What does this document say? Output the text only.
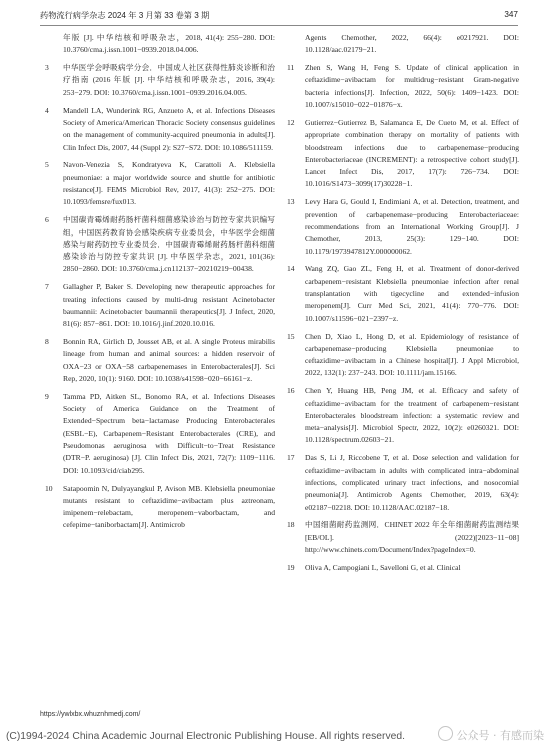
药物流行病学杂志 2024 年 3 月第 33 卷第 3 期	347
年版 [J]. 中华结核和呼吸杂志，2018, 41(4): 255−280. DOI: 10.3760/cma.j.issn.1001−0939.2018.04.006.
3	中华医学会呼吸病学分会．中国成人社区获得性肺炎诊断和治疗指南 (2016 年版 [J]. 中华结核和呼吸杂志，2016, 39(4): 253−279. DOI: 10.3760/cma.j.issn.1001−0939.2016.04.005.
4	Mandell LA, Wunderink RG, Anzueto A, et al. Infections Diseases Society of America/American Thoracic Society consensus guidelines on the management of community-acquired pneumonia in adults[J]. Clin Infect Dis, 2007, 44 (Suppl 2): S27−S72. DOI: 10.1086/511159.
5	Navon-Venezia S, Kondratyeva K, Carattoli A. Klebsiella pneumoniae: a major worldwide source and shuttle for antibiotic resistance[J]. FEMS Microbiol Rev, 2017, 41(3): 252−275. DOI: 10.1093/femsre/fux013.
6	中国碳青霉烯耐药肠杆菌科细菌感染诊治与防控专家共识编写组，中国医药教育协会感染疾病专业委员会，中华医学会细菌感染与耐药防控专业委员会．中国碳青霉烯耐药肠杆菌科细菌感染诊治与防控专家共识 [J]. 中华医学杂志，2021, 101(36): 2850−2860. DOI: 10.3760/cma.j.cn112137−20210219−00438.
7	Gallagher P, Baker S. Developing new therapeutic approaches for treating infections caused by multi-drug resistant Acinetobacter baumannii: Acinetobacter baumannii therapeutics[J]. J Infect, 2020, 81(6): 857−861. DOI: 10.1016/j.jinf.2020.10.016.
8	Bonnin RA, Girlich D, Jousset AB, et al. A single Proteus mirabilis lineage from human and animal sources: a hidden reservoir of OXA−23 or OXA−58 carbapenemases in Enterobacterales[J]. Sci Rep, 2020, 10(1): 9160. DOI: 10.1038/s41598−020−66161−z.
9	Tamma PD, Aitken SL, Bonomo RA, et al. Infections Diseases Society of America Guidance on the Treatment of Extended−Spectrum beta−lactamase Producing Enterobacterales (ESBL−E), Carbapenem−Resistant Enterobacterales (CRE), and Pseudomonas aeruginosa with Difficult−to−Treat Resistance (DTR−P. aeruginosa) [J]. Clin Infect Dis, 2021, 72(7): 1109−1116. DOI: 10.1093/cid/ciab295.
10	Satapoomin N, Dulyayangkul P, Avison MB. Klebsiella pneumoniae mutants resistant to ceftazidime−avibactam plus aztreonam, imipenem−relebactam, meropenem−vaborbactam, and cefepime−taniborbactam[J]. Antimicrob
Agents Chemother, 2022, 66(4): e0217921. DOI: 10.1128/aac.02179−21.
11	Zhen S, Wang H, Feng S. Update of clinical application in ceftazidime−avibactam for multidrug−resistant Gram-negative bacteria infections[J]. Infection, 2022, 50(6): 1409−1423. DOI: 10.1007/s15010−022−01876−x.
12	Gutierrez−Gutierrez B, Salamanca E, De Cueto M, et al. Effect of appropriate combination therapy on mortality of patients with bloodstream infections due to carbapenemase−producing Enterobacteriaceae (INCREMENT): a retrospective cohort study[J]. Lancet Infect Dis, 2017, 17(7): 726−734. DOI: 10.1016/S1473−3099(17)30228−1.
13	Levy Hara G, Gould I, Endimiani A, et al. Detection, treatment, and prevention of carbapenemase−producing Enterobacteriaceae: recommendations from an International Working Group[J]. J Chemother, 2013, 25(3): 129−140. DOI: 10.1179/1973947812Y.000000062.
14	Wang ZQ, Gao ZL, Feng H, et al. Treatment of donor-derived carbapenem−resistant Klebsiella pneumoniae infection after renal transplantation with tigecycline and extended−infusion meropenem[J]. Curr Med Sci, 2021, 41(4): 770−776. DOI: 10.1007/s11596−021−2397−z.
15	Chen D, Xiao L, Hong D, et al. Epidemiology of resistance of carbapenemase−producing Klebsiella pneumoniae to ceftazidime−avibactam in a Chinese hospital[J]. J Appl Microbiol, 2022, 132(1): 237−243. DOI: 10.1111/jam.15166.
16	Chen Y, Huang HB, Peng JM, et al. Efficacy and safety of ceftazidime−avibactam for the treatment of carbapenem−resistant Enterobacterales bloodstream infection: a systematic review and meta−analysis[J]. Microbiol Spectr, 2022, 10(2): e0260321. DOI: 10.1128/spectrum.02603−21.
17	Das S, Li J, Riccobene T, et al. Dose selection and validation for ceftazidime−avibactam in adults with complicated intra−abdominal infections, complicated urinary tract infections, and nosocomial pneumonia[J]. Antimicrob Agents Chemother, 2019, 63(4): e02187−02218. DOI: 10.1128/AAC.02187−18.
18	中国细菌耐药监测网．CHINET 2022 年全年细菌耐药监测结果 [EB/OL]. (2022)[2023−11−08] http://www.chinets.com/Document/Index?pageIndex=0.
19	Oliva A, Campogiani L, Savelloni G, et al. Clinical
https://ywlxbx.whuznhmedj.com/
(C)1994-2024 China Academic Journal Electronic Publishing House. All rights reserved.	公众号 · 有感而染
